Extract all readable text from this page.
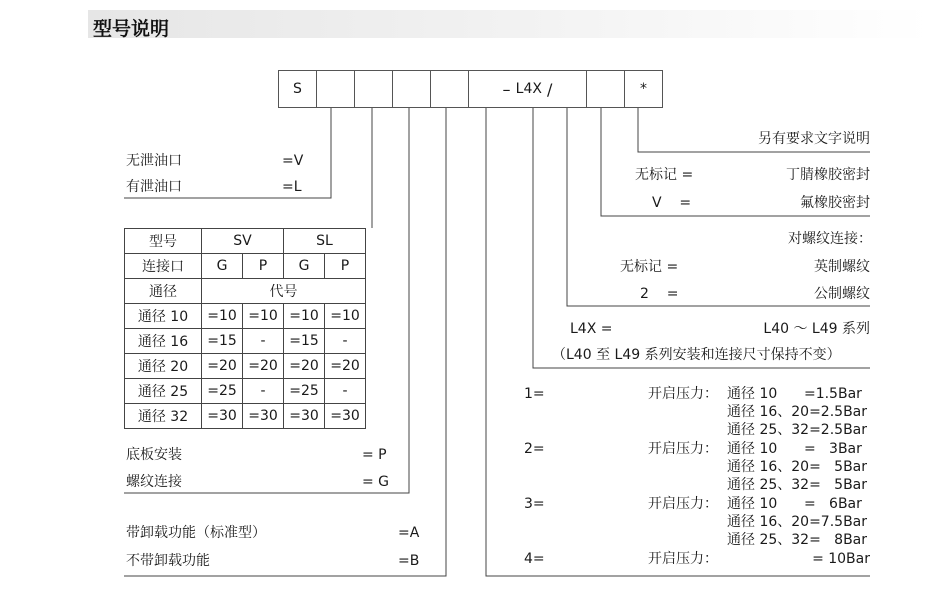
型号说明
S	– L4X /	*
另有要求文字说明
无标记 =	丁腈橡胶密封
V    =	氟橡胶密封
对螺纹连接：
无标记 =	英制螺纹
2    =	公制螺纹
L4X =	L40 ～ L49 系列
（L40 至 L49 系列安装和连接尺寸保持不变）
无泄油口	=V
有泄油口	=L
型号	SV		SL	
连接口	G	P	G	P
通径	代号			
通径 10	=10	=10	=10	=10
通径 16	=15	-	=15	-
通径 20	=20	=20	=20	=20
通径 25	=25	-	=25	-
通径 32	=30	=30	=30	=30
底板安装	= P
螺纹连接	= G
带卸载功能（标准型）	=A
不带卸载功能	=B
1=	开启压力： 通径 10      =1.5Bar
通径 16、20=2.5Bar
通径 25、32=2.5Bar
2=	开启压力： 通径 10      =   3Bar
通径 16、20=   5Bar
通径 25、32=   5Bar
3=	开启压力： 通径 10      =   6Bar
通径 16、20=7.5Bar
通径 25、32=   8Bar
4=	开启压力：	= 10Bar
